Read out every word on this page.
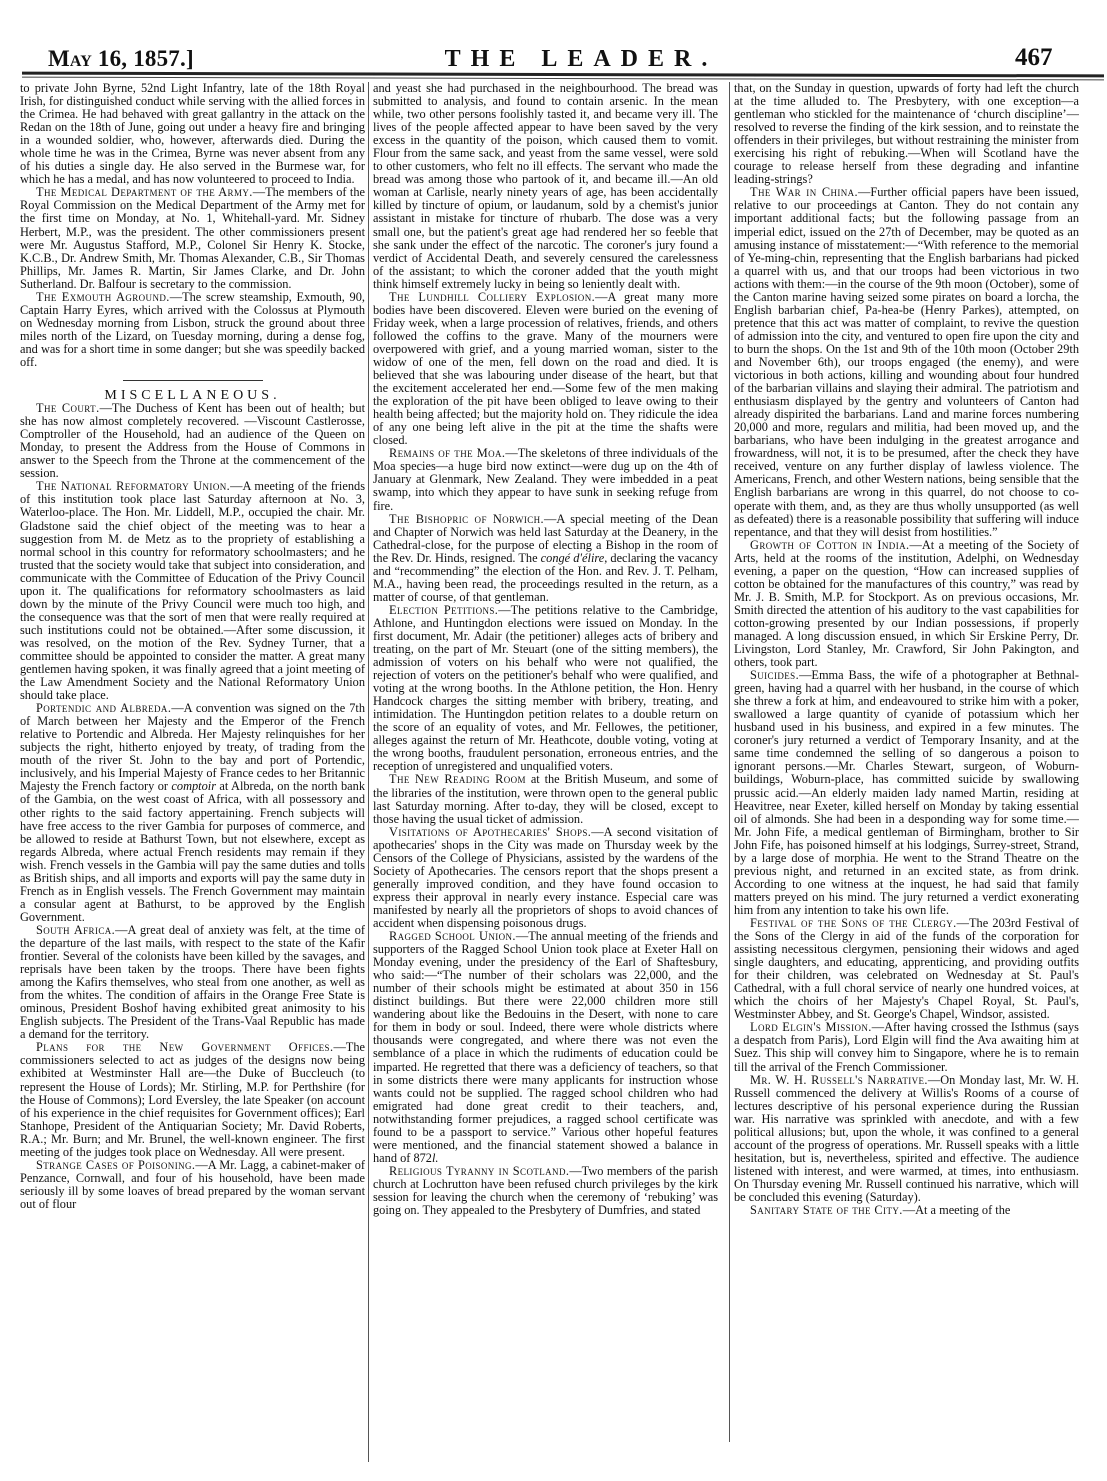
May 16, 1857.]	THE LEADER.	467

to private John Byrne, 52nd Light Infantry, late of the 18th Royal Irish, for distinguished conduct while serving with the allied forces in the Crimea. He had behaved with great gallantry in the attack on the Redan on the 18th of June, going out under a heavy fire and bringing in a wounded soldier, who, however, afterwards died. During the whole time he was in the Crimea, Byrne was never absent from any of his duties a single day. He also served in the Burmese war, for which he has a medal, and has now volunteered to proceed to India.

The Medical Department of the Army.—The members of the Royal Commission on the Medical Department of the Army met for the first time on Monday, at No. 1, Whitehall-yard. Mr. Sidney Herbert, M.P., was the president. The other commissioners present were Mr. Augustus Stafford, M.P., Colonel Sir Henry K. Stocke, K.C.B., Dr. Andrew Smith, Mr. Thomas Alexander, C.B., Sir Thomas Phillips, Mr. James R. Martin, Sir James Clarke, and Dr. John Sutherland. Dr. Balfour is secretary to the commission.

The Exmouth Aground.—The screw steamship, Exmouth, 90, Captain Harry Eyres, which arrived with the Colossus at Plymouth on Wednesday morning from Lisbon, struck the ground about three miles north of the Lizard, on Tuesday morning, during a dense fog, and was for a short time in some danger; but she was speedily backed off.

MISCELLANEOUS.

The Court.—The Duchess of Kent has been out of health; but she has now almost completely recovered. —Viscount Castlerosse, Comptroller of the Household, had an audience of the Queen on Monday, to present the Address from the House of Commons in answer to the Speech from the Throne at the commencement of the session.

The National Reformatory Union.—A meeting of the friends of this institution took place last Saturday afternoon at No. 3, Waterloo-place. The Hon. Mr. Liddell, M.P., occupied the chair. Mr. Gladstone said the chief object of the meeting was to hear a suggestion from M. de Metz as to the propriety of establishing a normal school in this country for reformatory schoolmasters; and he trusted that the society would take that subject into consideration, and communicate with the Committee of Education of the Privy Council upon it. The qualifications for reformatory schoolmasters as laid down by the minute of the Privy Council were much too high, and the consequence was that the sort of men that were really required at such institutions could not be obtained.—After some discussion, it was resolved, on the motion of the Rev. Sydney Turner, that a committee should be appointed to consider the matter. A great many gentlemen having spoken, it was finally agreed that a joint meeting of the Law Amendment Society and the National Reformatory Union should take place.

Portendic and Albreda.—A convention was signed on the 7th of March between her Majesty and the Emperor of the French relative to Portendic and Albreda. Her Majesty relinquishes for her subjects the right, hitherto enjoyed by treaty, of trading from the mouth of the river St. John to the bay and port of Portendic, inclusively, and his Imperial Majesty of France cedes to her Britannic Majesty the French factory or comptoir at Albreda, on the north bank of the Gambia, on the west coast of Africa, with all possessory and other rights to the said factory appertaining. French subjects will have free access to the river Gambia for purposes of commerce, and be allowed to reside at Bathurst Town, but not elsewhere, except as regards Albreda, where actual French residents may remain if they wish. French vessels in the Gambia will pay the same duties and tolls as British ships, and all imports and exports will pay the same duty in French as in English vessels. The French Government may maintain a consular agent at Bathurst, to be approved by the English Government.

South Africa.—A great deal of anxiety was felt, at the time of the departure of the last mails, with respect to the state of the Kafir frontier. Several of the colonists have been killed by the savages, and reprisals have been taken by the troops. There have been fights among the Kafirs themselves, who steal from one another, as well as from the whites. The condition of affairs in the Orange Free State is ominous, President Boshof having exhibited great animosity to his English subjects. The President of the Trans-Vaal Republic has made a demand for the territory.

Plans for the New Government Offices.—The commissioners selected to act as judges of the designs now being exhibited at Westminster Hall are—the Duke of Buccleuch (to represent the House of Lords); Mr. Stirling, M.P. for Perthshire (for the House of Commons); Lord Eversley, the late Speaker (on account of his experience in the chief requisites for Government offices); Earl Stanhope, President of the Antiquarian Society; Mr. David Roberts, R.A.; Mr. Burn; and Mr. Brunel, the well-known engineer. The first meeting of the judges took place on Wednesday. All were present.

Strange Cases of Poisoning.—A Mr. Lagg, a cabinet-maker of Penzance, Cornwall, and four of his household, have been made seriously ill by some loaves of bread prepared by the woman servant out of flour

and yeast she had purchased in the neighbourhood. The bread was submitted to analysis, and found to contain arsenic. In the mean while, two other persons foolishly tasted it, and became very ill. The lives of the people affected appear to have been saved by the very excess in the quantity of the poison, which caused them to vomit. Flour from the same sack, and yeast from the same vessel, were sold to other customers, who felt no ill effects. The servant who made the bread was among those who partook of it, and became ill.—An old woman at Carlisle, nearly ninety years of age, has been accidentally killed by tincture of opium, or laudanum, sold by a chemist's junior assistant in mistake for tincture of rhubarb. The dose was a very small one, but the patient's great age had rendered her so feeble that she sank under the effect of the narcotic. The coroner's jury found a verdict of Accidental Death, and severely censured the carelessness of the assistant; to which the coroner added that the youth might think himself extremely lucky in being so leniently dealt with.

The Lundhill Colliery Explosion.—A great many more bodies have been discovered. Eleven were buried on the evening of Friday week, when a large procession of relatives, friends, and others followed the coffins to the grave. Many of the mourners were overpowered with grief, and a young married woman, sister to the widow of one of the men, fell down on the road and died. It is believed that she was labouring under disease of the heart, but that the excitement accelerated her end.—Some few of the men making the exploration of the pit have been obliged to leave owing to their health being affected; but the majority hold on. They ridicule the idea of any one being left alive in the pit at the time the shafts were closed.

Remains of the Moa.—The skeletons of three individuals of the Moa species—a huge bird now extinct—were dug up on the 4th of January at Glenmark, New Zealand. They were imbedded in a peat swamp, into which they appear to have sunk in seeking refuge from fire.

The Bishopric of Norwich.—A special meeting of the Dean and Chapter of Norwich was held last Saturday at the Deanery, in the Cathedral-close, for the purpose of electing a Bishop in the room of the Rev. Dr. Hinds, resigned. The congé d'élire, declaring the vacancy and “recommending” the election of the Hon. and Rev. J. T. Pelham, M.A., having been read, the proceedings resulted in the return, as a matter of course, of that gentleman.

Election Petitions.—The petitions relative to the Cambridge, Athlone, and Huntingdon elections were issued on Monday. In the first document, Mr. Adair (the petitioner) alleges acts of bribery and treating, on the part of Mr. Steuart (one of the sitting members), the admission of voters on his behalf who were not qualified, the rejection of voters on the petitioner's behalf who were qualified, and voting at the wrong booths. In the Athlone petition, the Hon. Henry Handcock charges the sitting member with bribery, treating, and intimidation. The Huntingdon petition relates to a double return on the score of an equality of votes, and Mr. Fellowes, the petitioner, alleges against the return of Mr. Heathcote, double voting, voting at the wrong booths, fraudulent personation, erroneous entries, and the reception of unregistered and unqualified voters.

The New Reading Room at the British Museum, and some of the libraries of the institution, were thrown open to the general public last Saturday morning. After to-day, they will be closed, except to those having the usual ticket of admission.

Visitations of Apothecaries' Shops.—A second visitation of apothecaries' shops in the City was made on Thursday week by the Censors of the College of Physicians, assisted by the wardens of the Society of Apothecaries. The censors report that the shops present a generally improved condition, and they have found occasion to express their approval in nearly every instance. Especial care was manifested by nearly all the proprietors of shops to avoid chances of accident when dispensing poisonous drugs.

Ragged School Union.—The annual meeting of the friends and supporters of the Ragged School Union took place at Exeter Hall on Monday evening, under the presidency of the Earl of Shaftesbury, who said:—“The number of their scholars was 22,000, and the number of their schools might be estimated at about 350 in 156 distinct buildings. But there were 22,000 children more still wandering about like the Bedouins in the Desert, with none to care for them in body or soul. Indeed, there were whole districts where thousands were congregated, and where there was not even the semblance of a place in which the rudiments of education could be imparted. He regretted that there was a deficiency of teachers, so that in some districts there were many applicants for instruction whose wants could not be supplied. The ragged school children who had emigrated had done great credit to their teachers, and, notwithstanding former prejudices, a ragged school certificate was found to be a passport to service.” Various other hopeful features were mentioned, and the financial statement showed a balance in hand of 872l.

Religious Tyranny in Scotland.—Two members of the parish church at Lochrutton have been refused church privileges by the kirk session for leaving the church when the ceremony of ‘rebuking’ was going on. They appealed to the Presbytery of Dumfries, and stated

that, on the Sunday in question, upwards of forty had left the church at the time alluded to. The Presbytery, with one exception—a gentleman who stickled for the maintenance of ‘church discipline’—resolved to reverse the finding of the kirk session, and to reinstate the offenders in their privileges, but without restraining the minister from exercising his right of rebuking.—When will Scotland have the courage to release herself from these degrading and infantine leading-strings?

The War in China.—Further official papers have been issued, relative to our proceedings at Canton. They do not contain any important additional facts; but the following passage from an imperial edict, issued on the 27th of December, may be quoted as an amusing instance of misstatement:—“With reference to the memorial of Ye-ming-chin, representing that the English barbarians had picked a quarrel with us, and that our troops had been victorious in two actions with them:—in the course of the 9th moon (October), some of the Canton marine having seized some pirates on board a lorcha, the English barbarian chief, Pa-hea-be (Henry Parkes), attempted, on pretence that this act was matter of complaint, to revive the question of admission into the city, and ventured to open fire upon the city and to burn the shops. On the 1st and 9th of the 10th moon (October 29th and November 6th), our troops engaged (the enemy), and were victorious in both actions, killing and wounding about four hundred of the barbarian villains and slaying their admiral. The patriotism and enthusiasm displayed by the gentry and volunteers of Canton had already dispirited the barbarians. Land and marine forces numbering 20,000 and more, regulars and militia, had been moved up, and the barbarians, who have been indulging in the greatest arrogance and frowardness, will not, it is to be presumed, after the check they have received, venture on any further display of lawless violence. The Americans, French, and other Western nations, being sensible that the English barbarians are wrong in this quarrel, do not choose to co-operate with them, and, as they are thus wholly unsupported (as well as defeated) there is a reasonable possibility that suffering will induce repentance, and that they will desist from hostilities.”

Growth of Cotton in India.—At a meeting of the Society of Arts, held at the rooms of the institution, Adelphi, on Wednesday evening, a paper on the question, “How can increased supplies of cotton be obtained for the manufactures of this country,” was read by Mr. J. B. Smith, M.P. for Stockport. As on previous occasions, Mr. Smith directed the attention of his auditory to the vast capabilities for cotton-growing presented by our Indian possessions, if properly managed. A long discussion ensued, in which Sir Erskine Perry, Dr. Livingston, Lord Stanley, Mr. Crawford, Sir John Pakington, and others, took part.

Suicides.—Emma Bass, the wife of a photographer at Bethnal-green, having had a quarrel with her husband, in the course of which she threw a fork at him, and endeavoured to strike him with a poker, swallowed a large quantity of cyanide of potassium which her husband used in his business, and expired in a few minutes. The coroner's jury returned a verdict of Temporary Insanity, and at the same time condemned the selling of so dangerous a poison to ignorant persons.—Mr. Charles Stewart, surgeon, of Woburn-buildings, Woburn-place, has committed suicide by swallowing prussic acid.—An elderly maiden lady named Martin, residing at Heavitree, near Exeter, killed herself on Monday by taking essential oil of almonds. She had been in a desponding way for some time.—Mr. John Fife, a medical gentleman of Birmingham, brother to Sir John Fife, has poisoned himself at his lodgings, Surrey-street, Strand, by a large dose of morphia. He went to the Strand Theatre on the previous night, and returned in an excited state, as from drink. According to one witness at the inquest, he had said that family matters preyed on his mind. The jury returned a verdict exonerating him from any intention to take his own life.

Festival of the Sons of the Clergy.—The 203rd Festival of the Sons of the Clergy in aid of the funds of the corporation for assisting necessitous clergymen, pensioning their widows and aged single daughters, and educating, apprenticing, and providing outfits for their children, was celebrated on Wednesday at St. Paul's Cathedral, with a full choral service of nearly one hundred voices, at which the choirs of her Majesty's Chapel Royal, St. Paul's, Westminster Abbey, and St. George's Chapel, Windsor, assisted.

Lord Elgin's Mission.—After having crossed the Isthmus (says a despatch from Paris), Lord Elgin will find the Ava awaiting him at Suez. This ship will convey him to Singapore, where he is to remain till the arrival of the French Commissioner.

Mr. W. H. Russell's Narrative.—On Monday last, Mr. W. H. Russell commenced the delivery at Willis's Rooms of a course of lectures descriptive of his personal experience during the Russian war. His narrative was sprinkled with anecdote, and with a few political allusions; but, upon the whole, it was confined to a general account of the progress of operations. Mr. Russell speaks with a little hesitation, but is, nevertheless, spirited and effective. The audience listened with interest, and were warmed, at times, into enthusiasm. On Thursday evening Mr. Russell continued his narrative, which will be concluded this evening (Saturday).

Sanitary State of the City.—At a meeting of the
